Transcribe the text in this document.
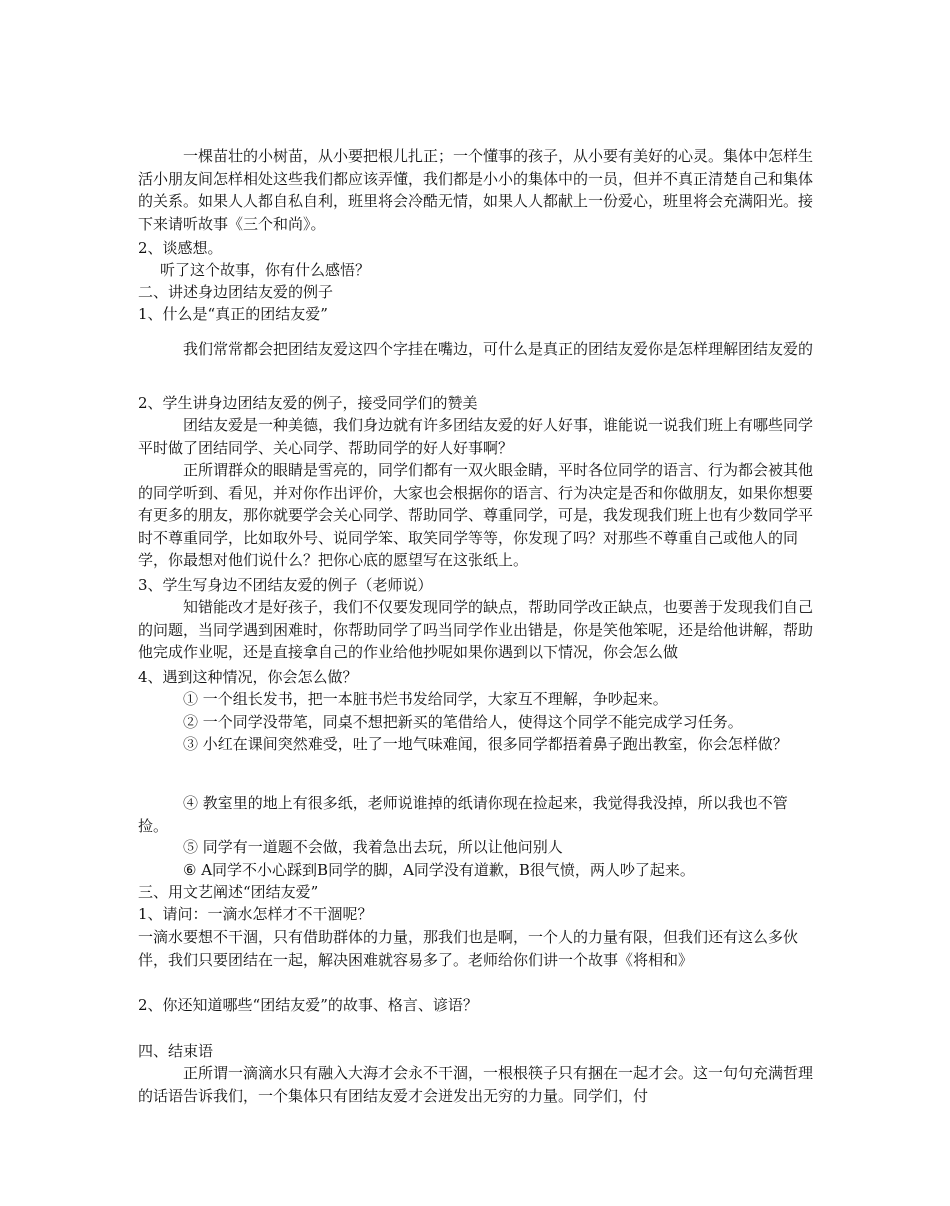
一棵苗壮的小树苗，从小要把根儿扎正；一个懂事的孩子，从小要有美好的心灵。集体中怎样生活小朋友间怎样相处这些我们都应该弄懂，我们都是小小的集体中的一员，但并不真正清楚自己和集体的关系。如果人人都自私自利，班里将会冷酷无情，如果人人都献上一份爱心，班里将会充满阳光。接下来请听故事《三个和尚》。

2、谈感想。

听了这个故事，你有什么感悟？

二、讲述身边团结友爱的例子

1、什么是“真正的团结友爱”

我们常常都会把团结友爱这四个字挂在嘴边，可什么是真正的团结友爱你是怎样理解团结友爱的

2、学生讲身边团结友爱的例子，接受同学们的赞美

团结友爱是一种美德，我们身边就有许多团结友爱的好人好事，谁能说一说我们班上有哪些同学平时做了团结同学、关心同学、帮助同学的好人好事啊？

正所谓群众的眼睛是雪亮的，同学们都有一双火眼金睛，平时各位同学的语言、行为都会被其他的同学听到、看见，并对你作出评价，大家也会根据你的语言、行为决定是否和你做朋友，如果你想要有更多的朋友，那你就要学会关心同学、帮助同学、尊重同学，可是，我发现我们班上也有少数同学平时不尊重同学，比如取外号、说同学笨、取笑同学等等，你发现了吗？对那些不尊重自己或他人的同学，你最想对他们说什么？把你心底的愿望写在这张纸上。

3、学生写身边不团结友爱的例子（老师说）

知错能改才是好孩子，我们不仅要发现同学的缺点，帮助同学改正缺点，也要善于发现我们自己的问题，当同学遇到困难时，你帮助同学了吗当同学作业出错是，你是笑他笨呢，还是给他讲解，帮助他完成作业呢，还是直接拿自己的作业给他抄呢如果你遇到以下情况，你会怎么做

4、遇到这种情况，你会怎么做？

① 一个组长发书，把一本脏书烂书发给同学，大家互不理解，争吵起来。

② 一个同学没带笔，同桌不想把新买的笔借给人，使得这个同学不能完成学习任务。

③ 小红在课间突然难受，吐了一地气味难闻，很多同学都捂着鼻子跑出教室，你会怎样做？

④ 教室里的地上有很多纸，老师说谁掉的纸请你现在捡起来，我觉得我没掉，所以我也不管捡。

⑤ 同学有一道题不会做，我着急出去玩，所以让他问别人

⑥ A同学不小心踩到B同学的脚，A同学没有道歉，B很气愤，两人吵了起来。

三、用文艺阐述“团结友爱”

1、请问：一滴水怎样才不干涸呢？

一滴水要想不干涸，只有借助群体的力量，那我们也是啊，一个人的力量有限，但我们还有这么多伙伴，我们只要团结在一起，解决困难就容易多了。老师给你们讲一个故事《将相和》

2、你还知道哪些“团结友爱”的故事、格言、谚语？

四、结束语

正所谓一滴滴水只有融入大海才会永不干涸，一根根筷子只有捆在一起才会。这一句句充满哲理的话语告诉我们，一个集体只有团结友爱才会迸发出无穷的力量。同学们，付
